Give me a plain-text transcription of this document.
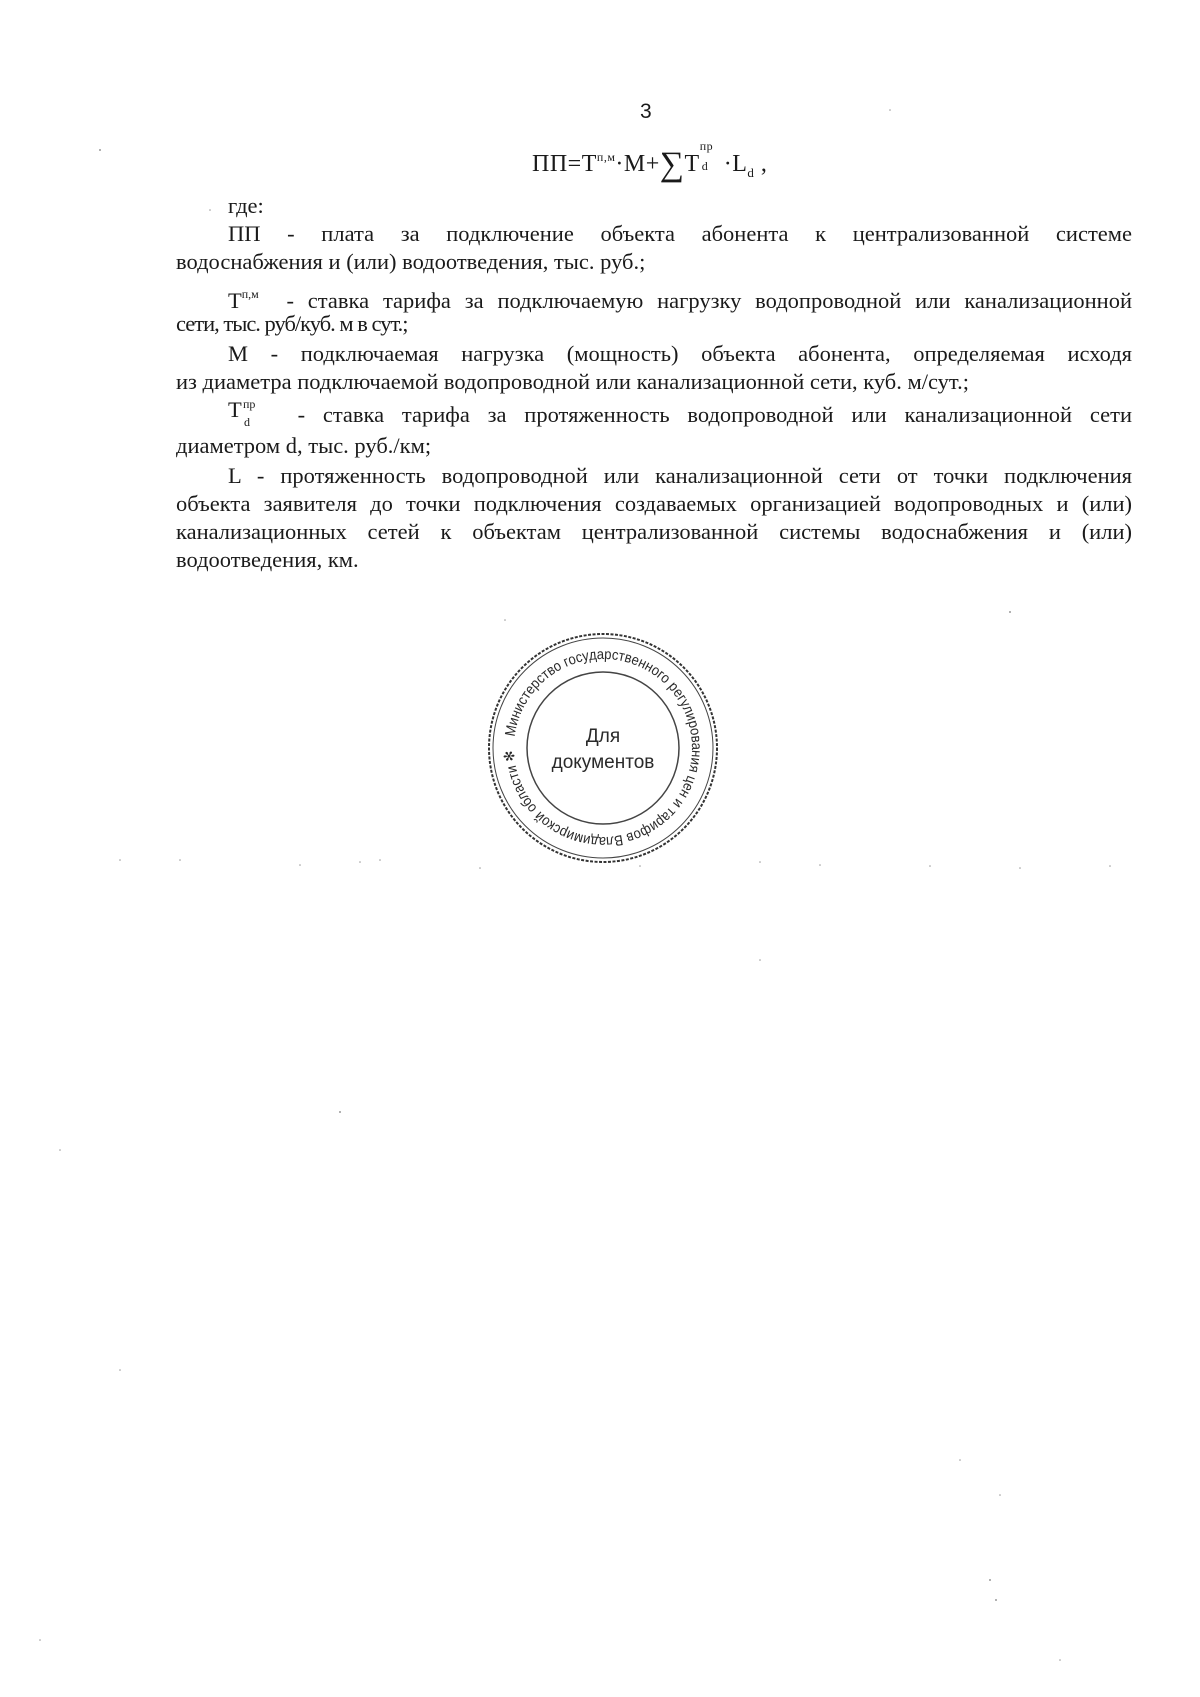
3
$ПП=Т^{п,м}\cdot М+\sum Т$
пр
$d \cdot L_d$ ,
где:
ПП - плата за подключение объекта абонента к централизованной системе
водоснабжения и (или) водоотведения, тыс. руб.;
$Т^{п,м}$ - ставка тарифа за подключаемую нагрузку водопроводной или канализационной
сети, тыс. руб/куб. м в сут.;
М - подключаемая нагрузка (мощность) объекта абонента, определяемая исходя
из диаметра подключаемой водопроводной или канализационной сети, куб. м/сут.;
Т пр
d - ставка тарифа за протяженность водопроводной или канализационной сети
диаметром d, тыс. руб./км;
L - протяженность водопроводной или канализационной сети от точки подключения
объекта заявителя до точки подключения создаваемых организацией водопроводных и (или)
канализационных сетей к объектам централизованной системы водоснабжения и (или)
водоотведения, км.
Министерство государственного регулирования цен и тарифов Владимирской области ✻
Для
документов
